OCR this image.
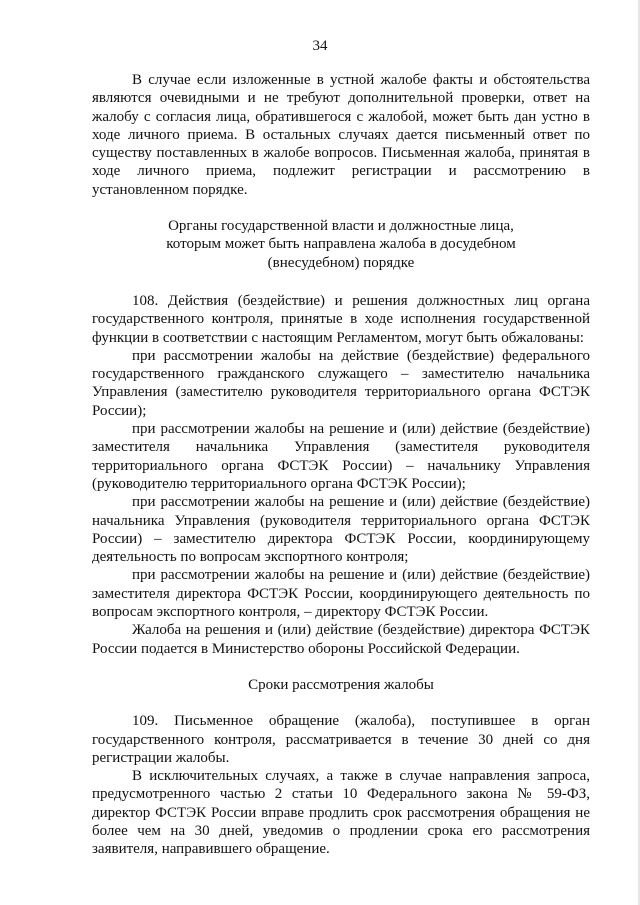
34

В случае если изложенные в устной жалобе факты и обстоятельства являются очевидными и не требуют дополнительной проверки, ответ на жалобу с согласия лица, обратившегося с жалобой, может быть дан устно в ходе личного приема. В остальных случаях дается письменный ответ по существу поставленных в жалобе вопросов. Письменная жалоба, принятая в ходе личного приема, подлежит регистрации и рассмотрению в установленном порядке.

Органы государственной власти и должностные лица,

которым может быть направлена жалоба в досудебном

(внесудебном) порядке

108. Действия (бездействие) и решения должностных лиц органа государственного контроля, принятые в ходе исполнения государственной функции в соответствии с настоящим Регламентом, могут быть обжалованы:

при рассмотрении жалобы на действие (бездействие) федерального государственного гражданского служащего – заместителю начальника Управления (заместителю руководителя территориального органа ФСТЭК России);

при рассмотрении жалобы на решение и (или) действие (бездействие) заместителя начальника Управления (заместителя руководителя территориального органа ФСТЭК России) – начальнику Управления (руководителю территориального органа ФСТЭК России);

при рассмотрении жалобы на решение и (или) действие (бездействие) начальника Управления (руководителя территориального органа ФСТЭК России) – заместителю директора ФСТЭК России, координирующему деятельность по вопросам экспортного контроля;

при рассмотрении жалобы на решение и (или) действие (бездействие) заместителя директора ФСТЭК России, координирующего деятельность по вопросам экспортного контроля, – директору ФСТЭК России.

Жалоба на решения и (или) действие (бездействие) директора ФСТЭК России подается в Министерство обороны Российской Федерации.

Сроки рассмотрения жалобы

109. Письменное обращение (жалоба), поступившее в орган государственного контроля, рассматривается в течение 30 дней со дня регистрации жалобы.

В исключительных случаях, а также в случае направления запроса, предусмотренного частью 2 статьи 10 Федерального закона № 59-ФЗ, директор ФСТЭК России вправе продлить срок рассмотрения обращения не более чем на 30 дней, уведомив о продлении срока его рассмотрения заявителя, направившего обращение.
